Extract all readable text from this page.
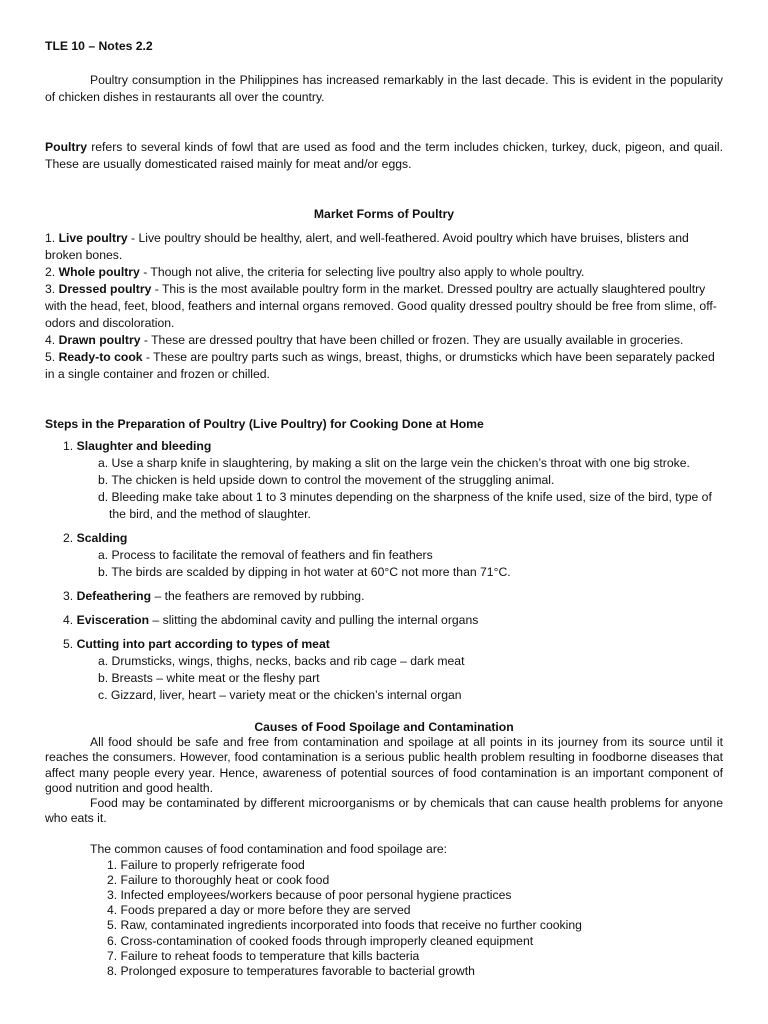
TLE 10 – Notes 2.2

Poultry consumption in the Philippines has increased remarkably in the last decade. This is evident in the popularity of chicken dishes in restaurants all over the country.

Poultry refers to several kinds of fowl that are used as food and the term includes chicken, turkey, duck, pigeon, and quail. These are usually domesticated raised mainly for meat and/or eggs.

Market Forms of Poultry

1. Live poultry - Live poultry should be healthy, alert, and well-feathered. Avoid poultry which have bruises, blisters and broken bones.

2. Whole poultry - Though not alive, the criteria for selecting live poultry also apply to whole poultry.

3. Dressed poultry - This is the most available poultry form in the market. Dressed poultry are actually slaughtered poultry with the head, feet, blood, feathers and internal organs removed. Good quality dressed poultry should be free from slime, off-odors and discoloration.

4. Drawn poultry - These are dressed poultry that have been chilled or frozen. They are usually available in groceries.

5. Ready-to cook - These are poultry parts such as wings, breast, thighs, or drumsticks which have been separately packed in a single container and frozen or chilled.

Steps in the Preparation of Poultry (Live Poultry) for Cooking Done at Home

1. Slaughter and bleeding

a. Use a sharp knife in slaughtering, by making a slit on the large vein the chicken’s throat with one big stroke.

b. The chicken is held upside down to control the movement of the struggling animal.

d. Bleeding make take about 1 to 3 minutes depending on the sharpness of the knife used, size of the bird, type of

the bird, and the method of slaughter.

2. Scalding

a. Process to facilitate the removal of feathers and fin feathers

b. The birds are scalded by dipping in hot water at 60°C not more than 71°C.

3. Defeathering – the feathers are removed by rubbing.

4. Evisceration – slitting the abdominal cavity and pulling the internal organs

5. Cutting into part according to types of meat

a. Drumsticks, wings, thighs, necks, backs and rib cage – dark meat

b. Breasts – white meat or the fleshy part

c. Gizzard, liver, heart – variety meat or the chicken’s internal organ

Causes of Food Spoilage and Contamination

All food should be safe and free from contamination and spoilage at all points in its journey from its source until it reaches the consumers. However, food contamination is a serious public health problem resulting in foodborne diseases that affect many people every year. Hence, awareness of potential sources of food contamination is an important component of good nutrition and good health.

Food may be contaminated by different microorganisms or by chemicals that can cause health problems for anyone who eats it.

The common causes of food contamination and food spoilage are:

1. Failure to properly refrigerate food

2. Failure to thoroughly heat or cook food

3. Infected employees/workers because of poor personal hygiene practices

4. Foods prepared a day or more before they are served

5. Raw, contaminated ingredients incorporated into foods that receive no further cooking

6. Cross-contamination of cooked foods through improperly cleaned equipment

7. Failure to reheat foods to temperature that kills bacteria

8. Prolonged exposure to temperatures favorable to bacterial growth
